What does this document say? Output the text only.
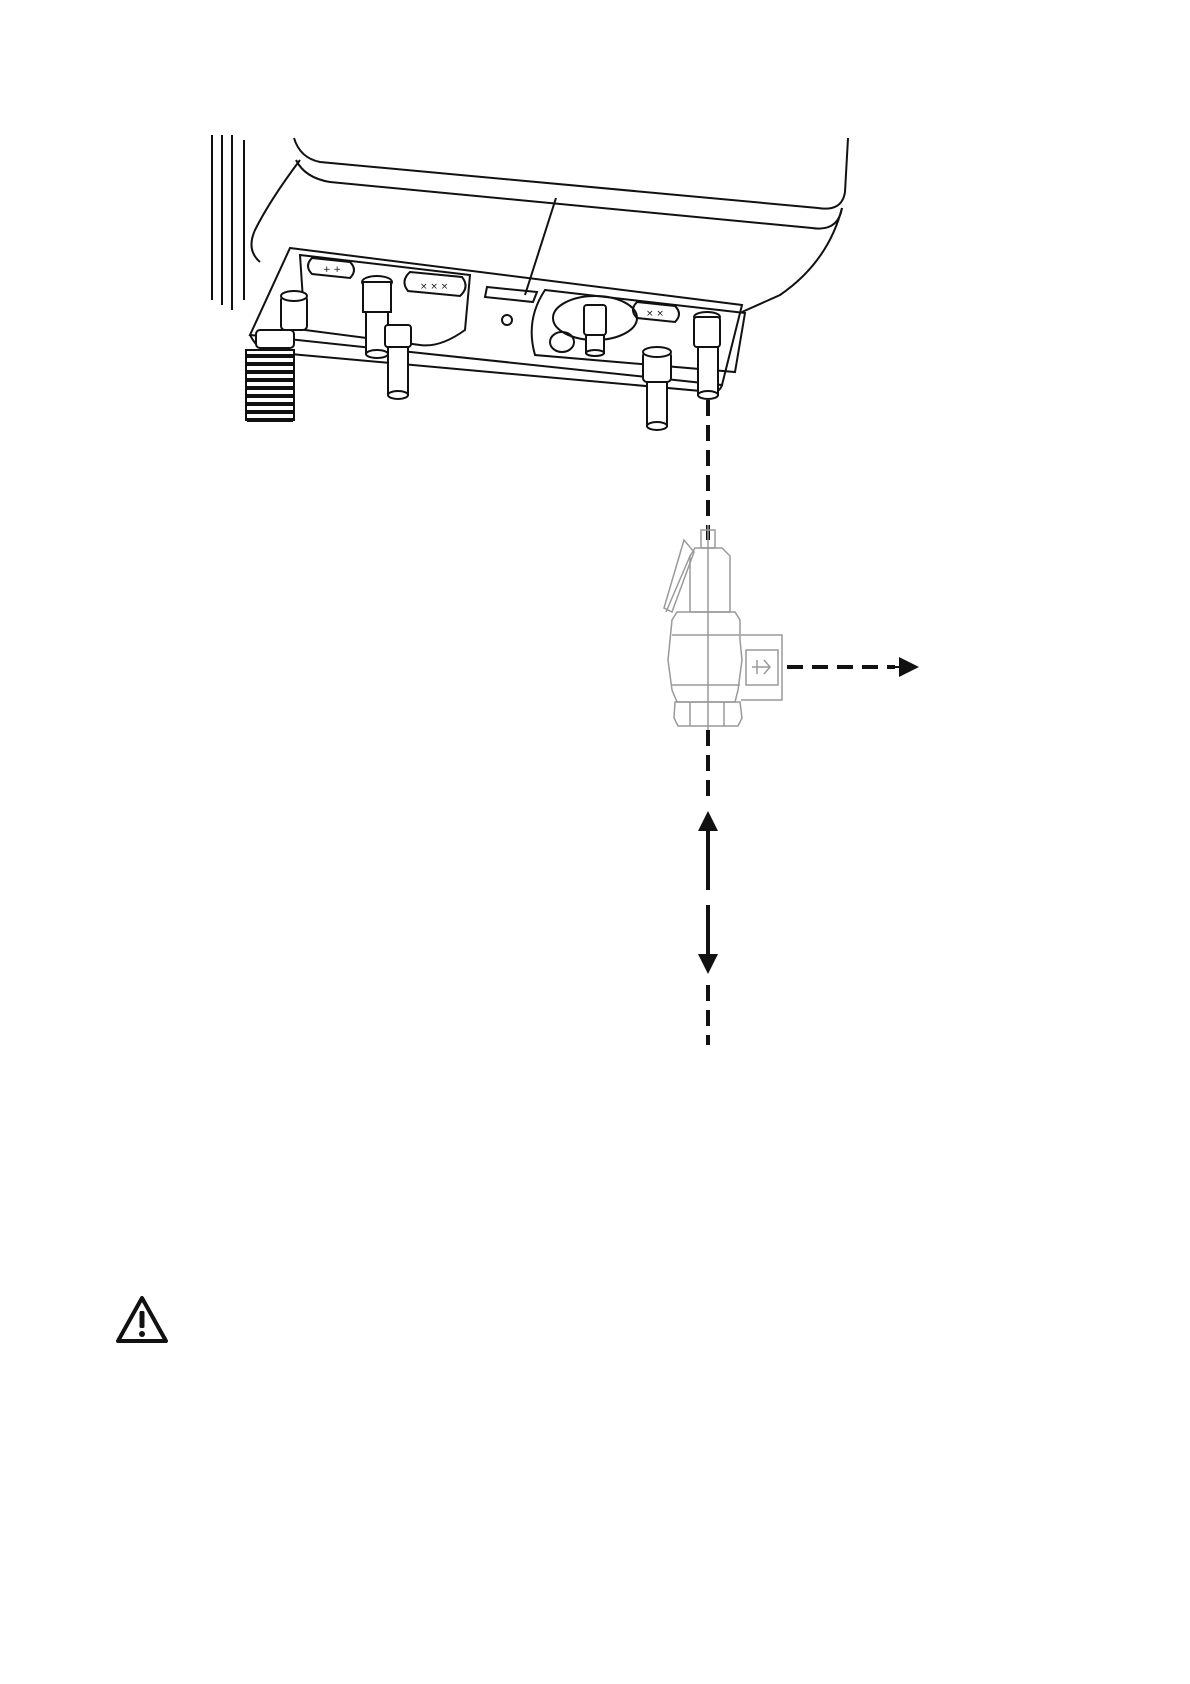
+ +
× × ×
× ×
